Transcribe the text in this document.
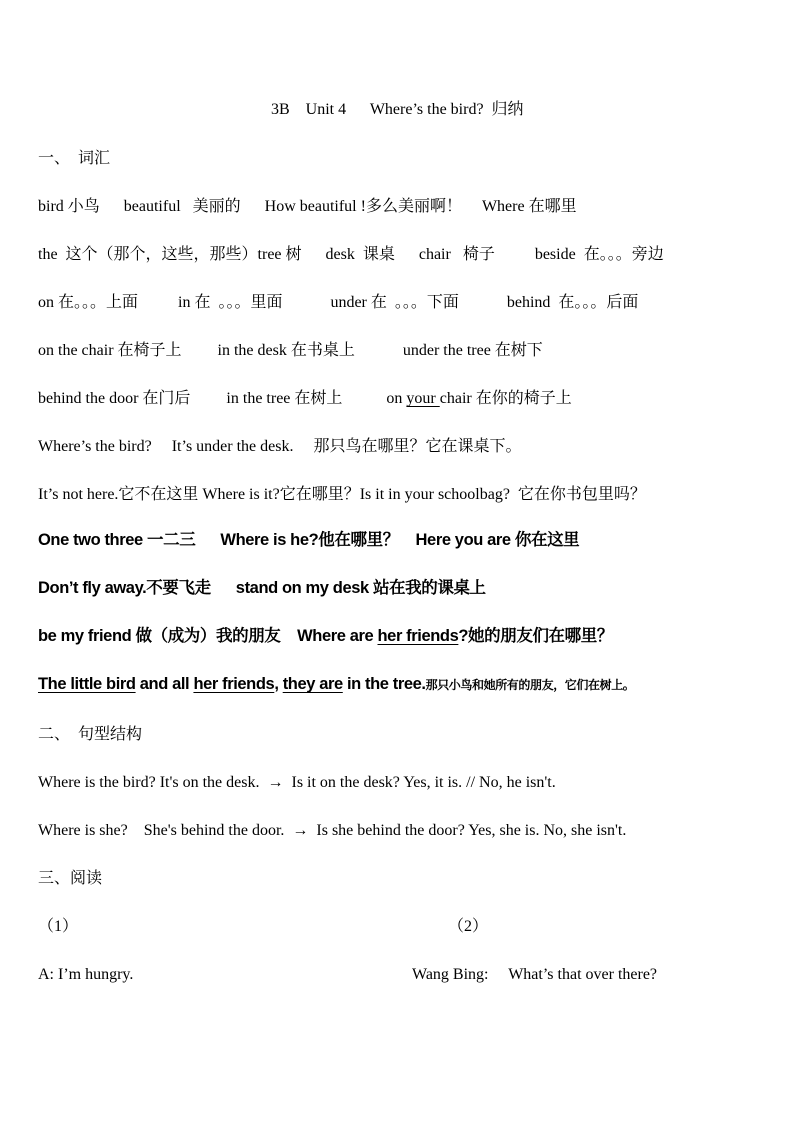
3B    Unit 4      Where’s the bird?  归纳
一、  词汇
bird 小鸟      beautiful   美丽的      How beautiful !多么美丽啊！     Where 在哪里
the  这个（那个，这些，那些）tree 树      desk  课桌      chair   椅子          beside  在。。。旁边
on 在。。。上面          in 在  。。。里面            under 在  。。。下面            behind  在。。。后面
on the chair 在椅子上         in the desk 在书桌上            under the tree 在树下
behind the door 在门后         in the tree 在树上           on your chair 在你的椅子上
Where’s the bird?     It’s under the desk.     那只鸟在哪里？它在课桌下。
It’s not here.它不在这里 Where is it?它在哪里？Is it in your schoolbag?  它在你书包里吗？
One two three 一二三      Where is he?他在哪里？    Here you are 你在这里
Don’t fly away.不要飞走      stand on my desk 站在我的课桌上
be my friend 做（成为）我的朋友    Where are her friends?她的朋友们在哪里？
The little bird and all her friends, they are in the tree.那只小鸟和她所有的朋友，它们在树上。
二、  句型结构
Where is the bird? It's on the desk.  →  Is it on the desk? Yes, it is. // No, he isn't.
Where is she?    She's behind the door.  →  Is she behind the door? Yes, she is. No, she isn't.
三、阅读
（1）	（2）
A: I’m hungry.	Wang Bing:     What’s that over there?
